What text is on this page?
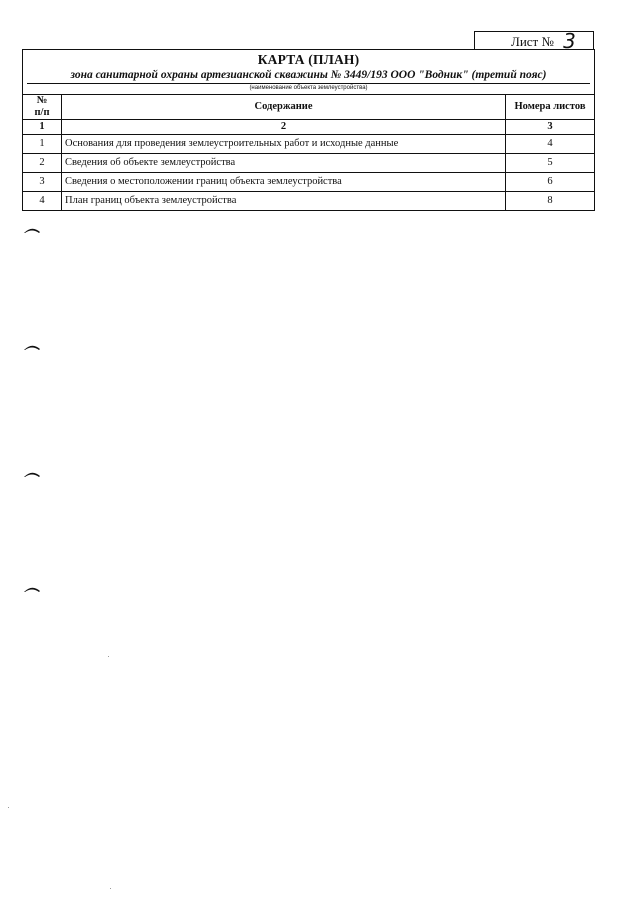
Лист № 3
КАРТА (ПЛАН)
зона санитарной охраны артезианской скважины № 3449/193 ООО "Водник" (третий пояс)
(наименование объекта землеустройства)
№ п/п	Содержание	Номера листов
1	2	3
1	Основания для проведения землеустроительных работ и исходные данные	4
2	Сведения об объекте землеустройства	5
3	Сведения о местоположении границ объекта землеустройства	6
4	План границ объекта землеустройства	8
